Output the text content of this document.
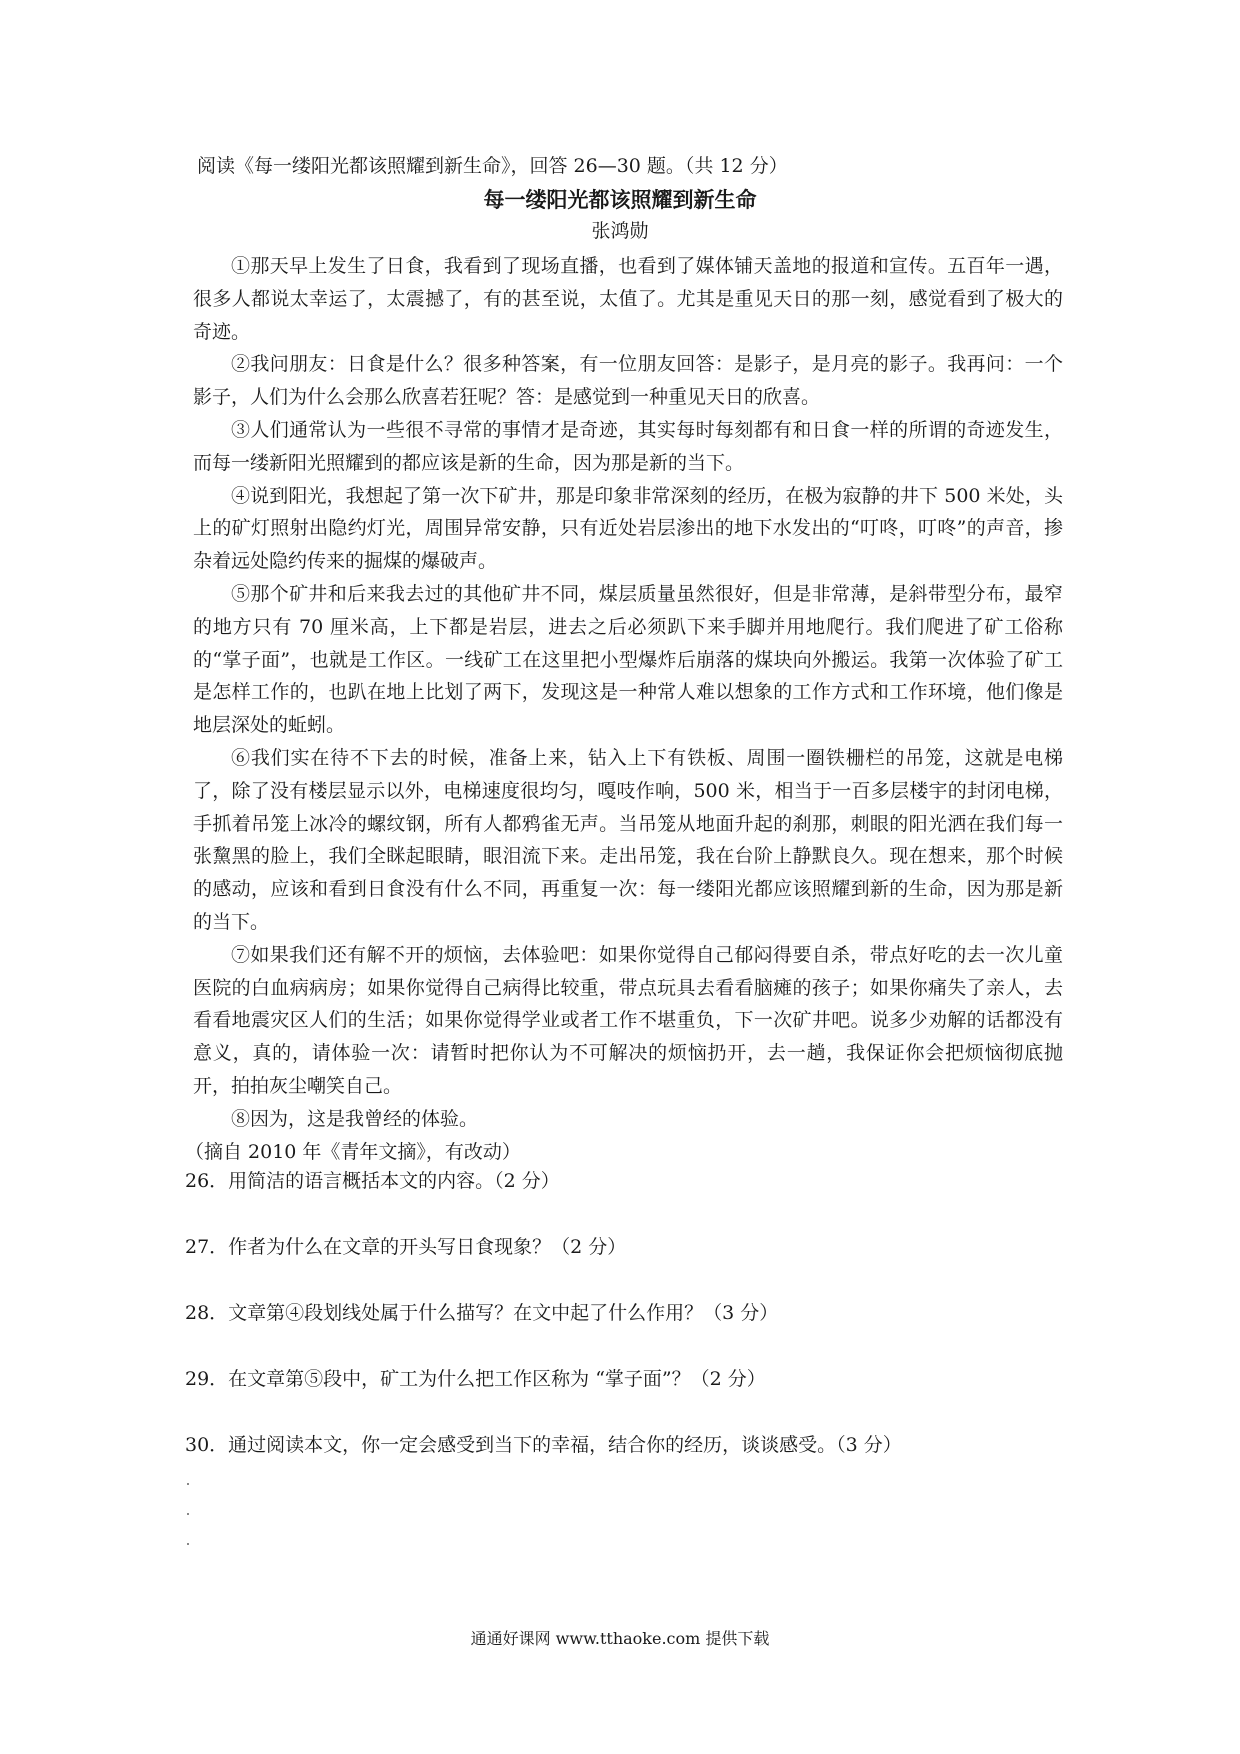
阅读《每一缕阳光都该照耀到新生命》，回答 26—30 题。（共 12 分）
每一缕阳光都该照耀到新生命
张鸿勋

①那天早上发生了日食，我看到了现场直播，也看到了媒体铺天盖地的报道和宣传。五百年一遇，很多人都说太幸运了，太震撼了，有的甚至说，太值了。尤其是重见天日的那一刻，感觉看到了极大的奇迹。

②我问朋友：日食是什么？很多种答案，有一位朋友回答：是影子，是月亮的影子。我再问：一个影子，人们为什么会那么欣喜若狂呢？答：是感觉到一种重见天日的欣喜。

③人们通常认为一些很不寻常的事情才是奇迹，其实每时每刻都有和日食一样的所谓的奇迹发生，而每一缕新阳光照耀到的都应该是新的生命，因为那是新的当下。

④说到阳光，我想起了第一次下矿井，那是印象非常深刻的经历，在极为寂静的井下 500 米处，头上的矿灯照射出隐约灯光，周围异常安静，只有近处岩层渗出的地下水发出的“叮咚，叮咚”的声音，掺杂着远处隐约传来的掘煤的爆破声。

⑤那个矿井和后来我去过的其他矿井不同，煤层质量虽然很好，但是非常薄，是斜带型分布，最窄的地方只有 70 厘米高，上下都是岩层，进去之后必须趴下来手脚并用地爬行。我们爬进了矿工俗称的“掌子面”，也就是工作区。一线矿工在这里把小型爆炸后崩落的煤块向外搬运。我第一次体验了矿工是怎样工作的，也趴在地上比划了两下，发现这是一种常人难以想象的工作方式和工作环境，他们像是地层深处的蚯蚓。

⑥我们实在待不下去的时候，准备上来，钻入上下有铁板、周围一圈铁栅栏的吊笼，这就是电梯了，除了没有楼层显示以外，电梯速度很均匀，嘎吱作响，500 米，相当于一百多层楼宇的封闭电梯，手抓着吊笼上冰冷的螺纹钢，所有人都鸦雀无声。当吊笼从地面升起的刹那，刺眼的阳光洒在我们每一张黧黑的脸上，我们全眯起眼睛，眼泪流下来。走出吊笼，我在台阶上静默良久。现在想来，那个时候的感动，应该和看到日食没有什么不同，再重复一次：每一缕阳光都应该照耀到新的生命，因为那是新的当下。

⑦如果我们还有解不开的烦恼，去体验吧：如果你觉得自己郁闷得要自杀，带点好吃的去一次儿童医院的白血病病房；如果你觉得自己病得比较重，带点玩具去看看脑瘫的孩子；如果你痛失了亲人，去看看地震灾区人们的生活；如果你觉得学业或者工作不堪重负，下一次矿井吧。说多少劝解的话都没有意义，真的，请体验一次：请暂时把你认为不可解决的烦恼扔开，去一趟，我保证你会把烦恼彻底抛开，拍拍灰尘嘲笑自己。

⑧因为，这是我曾经的体验。

（摘自 2010 年《青年文摘》，有改动）
26．用简洁的语言概括本文的内容。（2 分）
27．作者为什么在文章的开头写日食现象？（2 分）
28．文章第④段划线处属于什么描写？在文中起了什么作用？（3 分）
29．在文章第⑤段中，矿工为什么把工作区称为 “掌子面”？（2 分）
30．通过阅读本文，你一定会感受到当下的幸福，结合你的经历，谈谈感受。（3 分）
通通好课网 www.tthaoke.com 提供下载
